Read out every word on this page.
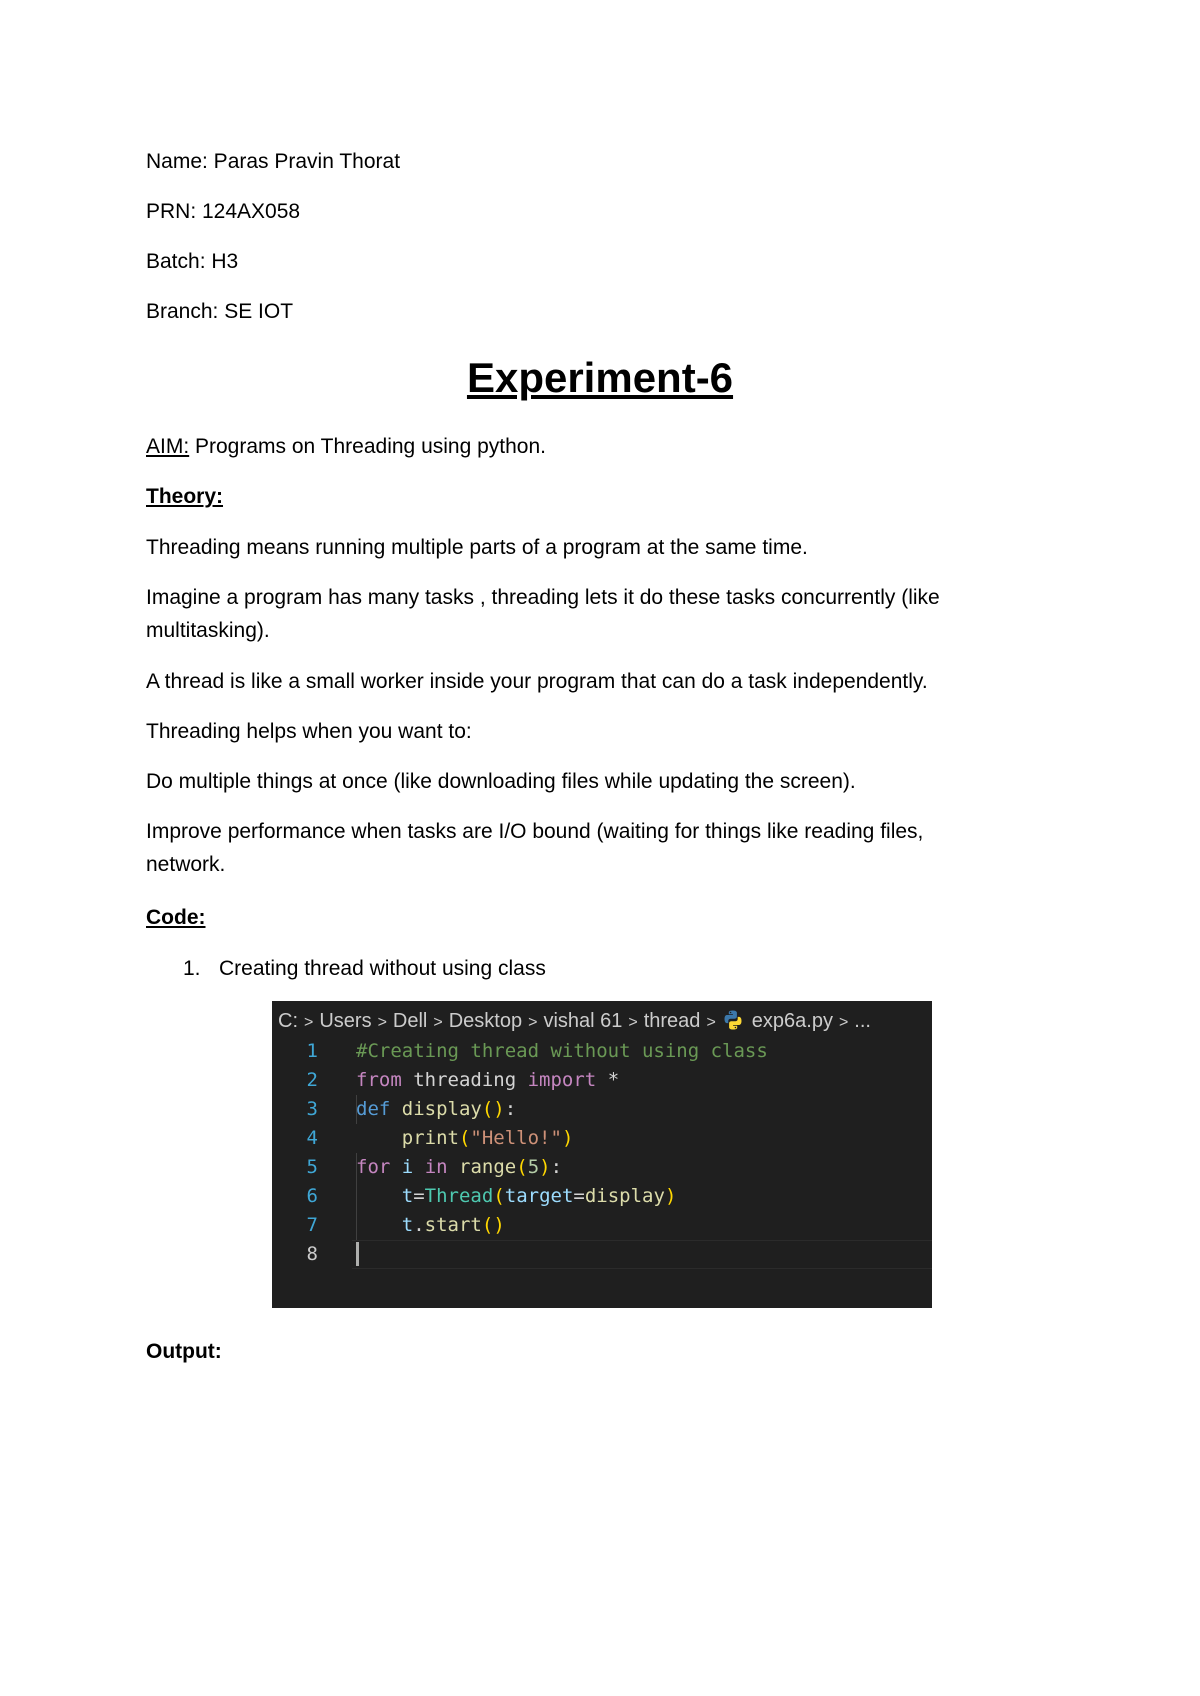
Name: Paras Pravin Thorat
PRN: 124AX058
Batch: H3
Branch: SE IOT
Experiment-6
AIM: Programs on Threading using python.
Theory:
Threading means running multiple parts of a program at the same time.
Imagine a program has many tasks , threading lets it do these tasks concurrently (like multitasking).
A thread is like a small worker inside your program that can do a task independently.
Threading helps when you want to:
Do multiple things at once (like downloading files while updating the screen).
Improve performance when tasks are I/O bound (waiting for things like reading files, network.
Code:
1. Creating thread without using class
C: > Users > Dell > Desktop > vishal 61 > thread > exp6a.py > ...
1 #Creating thread without using class
2 from threading import *
3 def display():
4	print("Hello!")
5 for i in range(5):
6	t=Thread(target=display)
7	t.start()
8
Output:
